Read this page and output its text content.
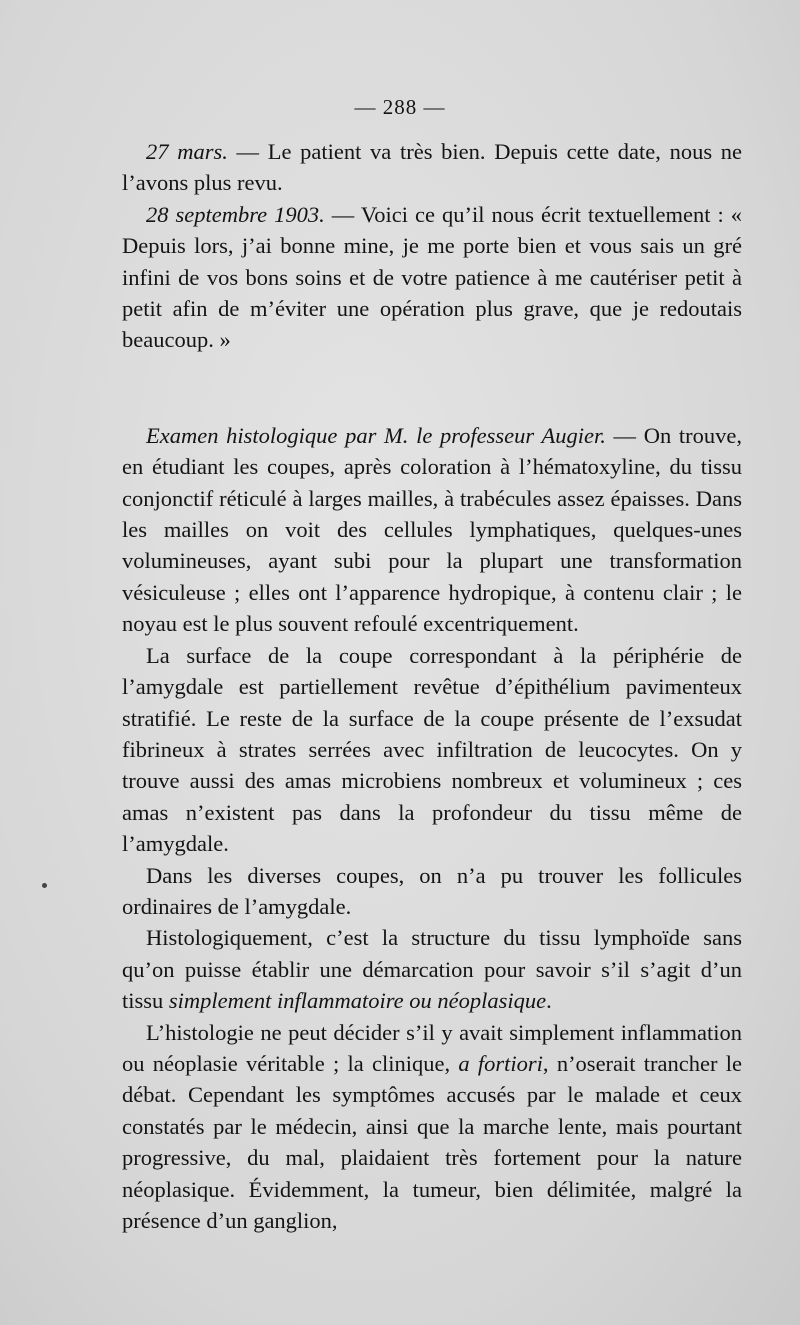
— 288 —

27 mars. — Le patient va très bien. Depuis cette date, nous ne l’avons plus revu.

28 septembre 1903. — Voici ce qu’il nous écrit textuellement : « Depuis lors, j’ai bonne mine, je me porte bien et vous sais un gré infini de vos bons soins et de votre patience à me cautériser petit à petit afin de m’éviter une opération plus grave, que je redoutais beaucoup. »

Examen histologique par M. le professeur Augier. — On trouve, en étudiant les coupes, après coloration à l’hématoxyline, du tissu conjonctif réticulé à larges mailles, à trabécules assez épaisses. Dans les mailles on voit des cellules lymphatiques, quelques-unes volumineuses, ayant subi pour la plupart une transformation vésiculeuse ; elles ont l’apparence hydropique, à contenu clair ; le noyau est le plus souvent refoulé excentriquement.

La surface de la coupe correspondant à la périphérie de l’amygdale est partiellement revêtue d’épithélium pavimenteux stratifié. Le reste de la surface de la coupe présente de l’exsudat fibrineux à strates serrées avec infiltration de leucocytes. On y trouve aussi des amas microbiens nombreux et volumineux ; ces amas n’existent pas dans la profondeur du tissu même de l’amygdale.

Dans les diverses coupes, on n’a pu trouver les follicules ordinaires de l’amygdale.

Histologiquement, c’est la structure du tissu lymphoïde sans qu’on puisse établir une démarcation pour savoir s’il s’agit d’un tissu simplement inflammatoire ou néoplasique.

L’histologie ne peut décider s’il y avait simplement inflammation ou néoplasie véritable ; la clinique, a fortiori, n’oserait trancher le débat. Cependant les symptômes accusés par le malade et ceux constatés par le médecin, ainsi que la marche lente, mais pourtant progressive, du mal, plaidaient très fortement pour la nature néoplasique. Évidemment, la tumeur, bien délimitée, malgré la présence d’un ganglion,
